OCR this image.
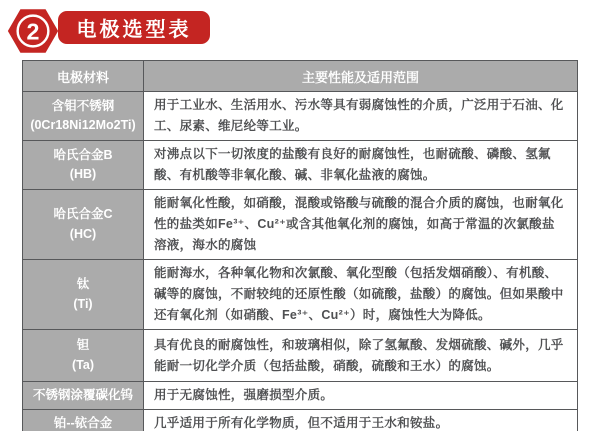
2 电极选型表
电极材料	主要性能及适用范围

含钼不锈钢
(0Cr18Ni12Mo2Ti)	用于工业水、生活用水、污水等具有弱腐蚀性的介质，广泛用于石油、化工、尿素、维尼纶等工业。

哈氏合金B
(HB)	对沸点以下一切浓度的盐酸有良好的耐腐蚀性，也耐硫酸、磷酸、氢氟酸、有机酸等非氧化酸、碱、非氧化盐液的腐蚀。

哈氏合金C
(HC)	能耐氧化性酸，如硝酸，混酸或铬酸与硫酸的混合介质的腐蚀，也耐氧化性的盐类如Fe³⁺、Cu²⁺或含其他氧化剂的腐蚀，如高于常温的次氯酸盐溶液，海水的腐蚀

钛
(Ti)	能耐海水，各种氧化物和次氯酸、氧化型酸（包括发烟硝酸）、有机酸、碱等的腐蚀，不耐较纯的还原性酸（如硫酸，盐酸）的腐蚀。但如果酸中还有氧化剂（如硝酸、Fe³⁺、Cu²⁺）时，腐蚀性大为降低。

钽
(Ta)	具有优良的耐腐蚀性，和玻璃相似，除了氢氟酸、发烟硫酸、碱外，几乎能耐一切化学介质（包括盐酸，硝酸，硫酸和王水）的腐蚀。

不锈钢涂覆碳化钨	用于无腐蚀性，强磨损型介质。

铂--铱合金	几乎适用于所有化学物质，但不适用于王水和铵盐。
